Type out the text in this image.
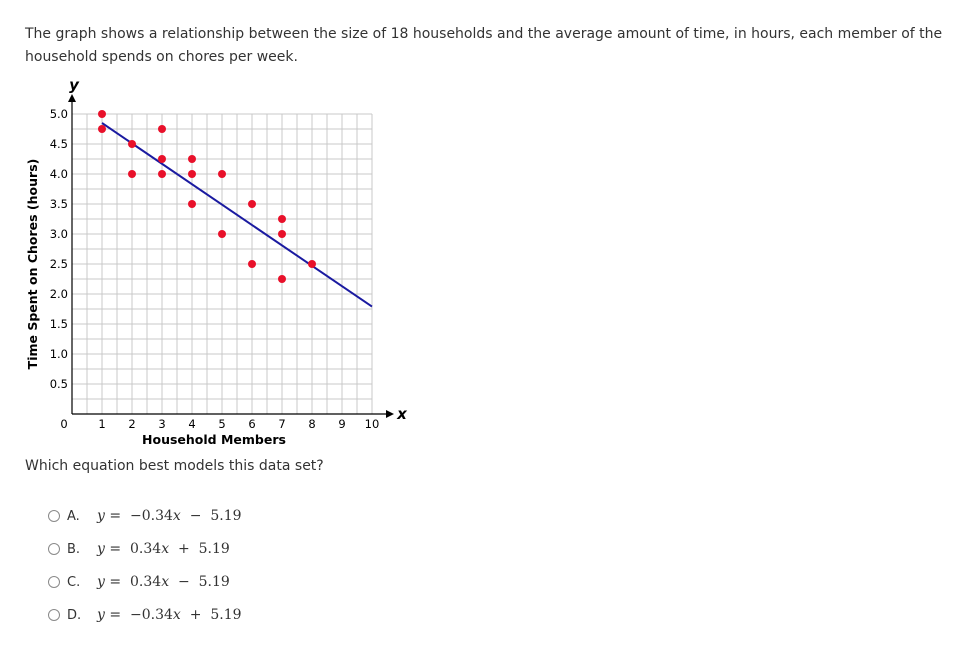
The graph shows a relationship between the size of 18 households and the average amount of time, in hours, each member of the household spends on chores per week.
y
x
0	1 2 3 4 5 6 7 8 9 10
0.5
1.0
1.5
2.0
2.5
3.0
3.5
4.0
4.5
5.0
Household Members
Time Spent on Chores (hours)
Which equation best models this data set?
A.	y =  −0.34x  −  5.19
B.	y =  0.34x  +  5.19
C.	y =  0.34x  −  5.19
D.	y =  −0.34x  +  5.19
